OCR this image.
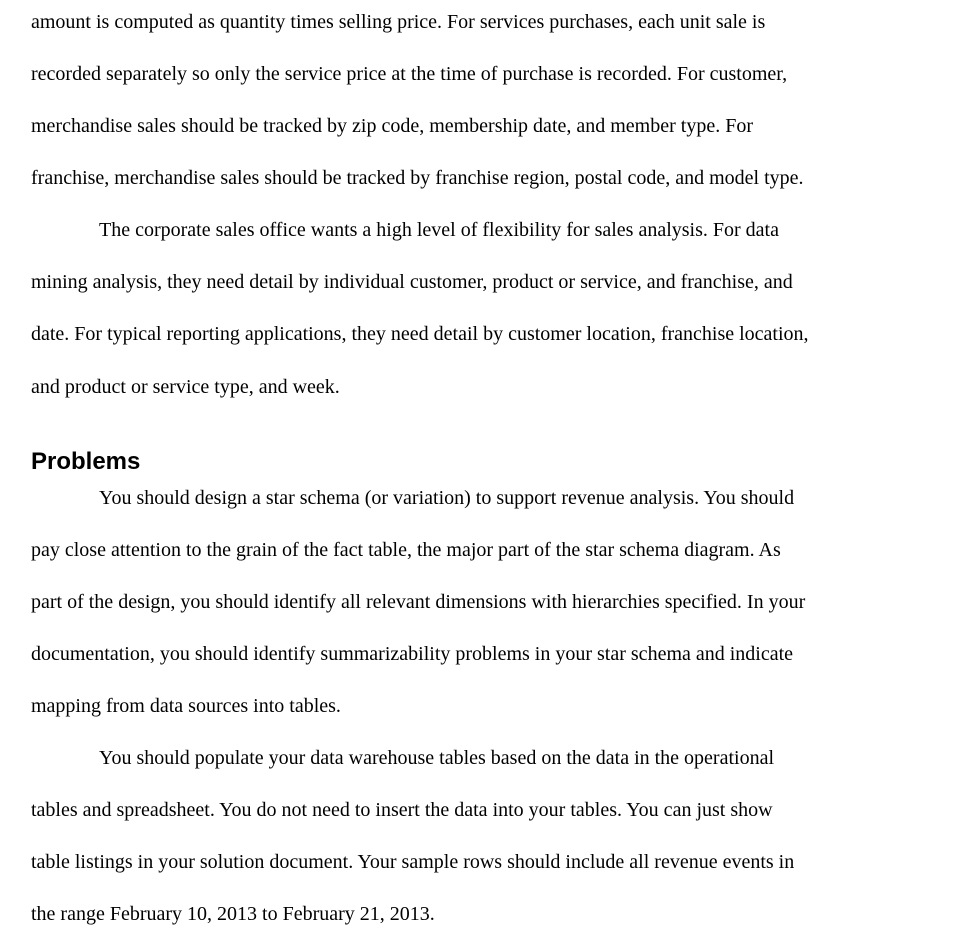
amount is computed as quantity times selling price. For services purchases, each unit sale is
recorded separately so only the service price at the time of purchase is recorded. For customer,
merchandise sales should be tracked by zip code, membership date, and member type. For
franchise, merchandise sales should be tracked by franchise region, postal code, and model type.
The corporate sales office wants a high level of flexibility for sales analysis. For data
mining analysis, they need detail by individual customer, product or service, and franchise, and
date. For typical reporting applications, they need detail by customer location, franchise location,
and product or service type, and week.
Problems
You should design a star schema (or variation) to support revenue analysis. You should
pay close attention to the grain of the fact table, the major part of the star schema diagram. As
part of the design, you should identify all relevant dimensions with hierarchies specified. In your
documentation, you should identify summarizability problems in your star schema and indicate
mapping from data sources into tables.
You should populate your data warehouse tables based on the data in the operational
tables and spreadsheet. You do not need to insert the data into your tables. You can just show
table listings in your solution document. Your sample rows should include all revenue events in
the range February 10, 2013 to February 21, 2013.
